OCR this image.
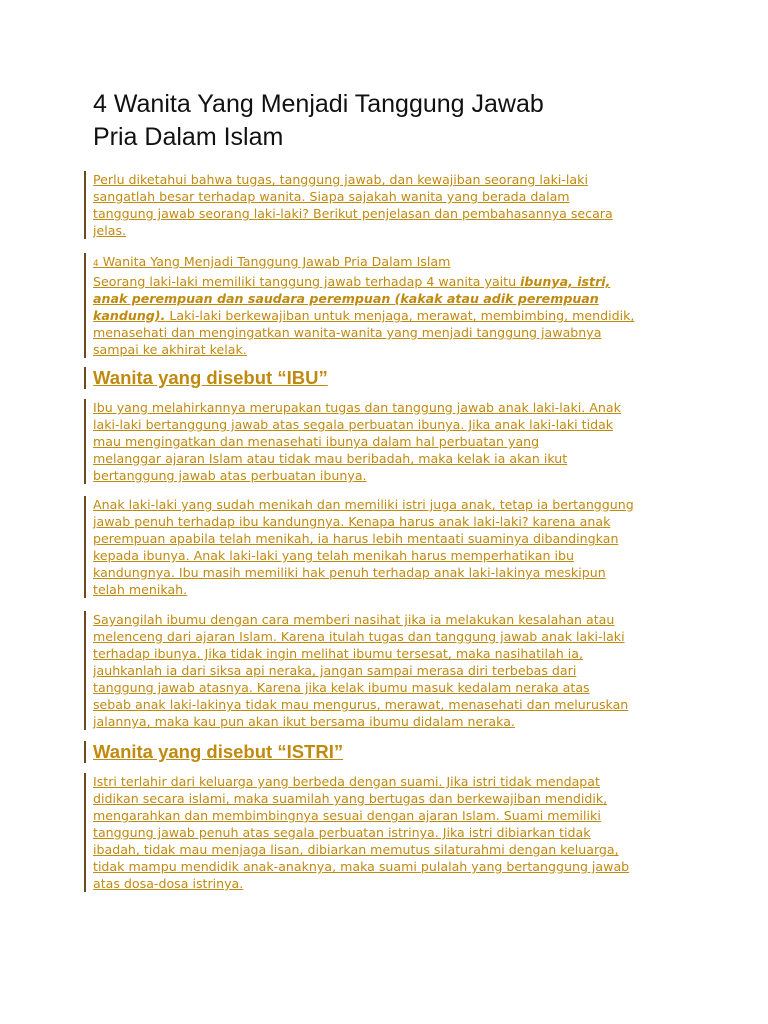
4 Wanita Yang Menjadi Tanggung Jawab
Pria Dalam Islam

Perlu diketahui bahwa tugas, tanggung jawab, dan kewajiban seorang laki-laki
sangatlah besar terhadap wanita. Siapa sajakah wanita yang berada dalam
tanggung jawab seorang laki-laki? Berikut penjelasan dan pembahasannya secara
jelas.

4 Wanita Yang Menjadi Tanggung Jawab Pria Dalam Islam
Seorang laki-laki memiliki tanggung jawab terhadap 4 wanita yaitu ibunya, istri,
anak perempuan dan saudara perempuan (kakak atau adik perempuan
kandung). Laki-laki berkewajiban untuk menjaga, merawat, membimbing, mendidik,
menasehati dan mengingatkan wanita-wanita yang menjadi tanggung jawabnya
sampai ke akhirat kelak.

Wanita yang disebut “IBU”

Ibu yang melahirkannya merupakan tugas dan tanggung jawab anak laki-laki. Anak
laki-laki bertanggung jawab atas segala perbuatan ibunya. Jika anak laki-laki tidak
mau mengingatkan dan menasehati ibunya dalam hal perbuatan yang
melanggar ajaran Islam atau tidak mau beribadah, maka kelak ia akan ikut
bertanggung jawab atas perbuatan ibunya.

Anak laki-laki yang sudah menikah dan memiliki istri juga anak, tetap ia bertanggung
jawab penuh terhadap ibu kandungnya. Kenapa harus anak laki-laki? karena anak
perempuan apabila telah menikah, ia harus lebih mentaati suaminya dibandingkan
kepada ibunya. Anak laki-laki yang telah menikah harus memperhatikan ibu
kandungnya. Ibu masih memiliki hak penuh terhadap anak laki-lakinya meskipun
telah menikah.

Sayangilah ibumu dengan cara memberi nasihat jika ia melakukan kesalahan atau
melenceng dari ajaran Islam. Karena itulah tugas dan tanggung jawab anak laki-laki
terhadap ibunya. Jika tidak ingin melihat ibumu tersesat, maka nasihatilah ia,
jauhkanlah ia dari siksa api neraka, jangan sampai merasa diri terbebas dari
tanggung jawab atasnya. Karena jika kelak ibumu masuk kedalam neraka atas
sebab anak laki-lakinya tidak mau mengurus, merawat, menasehati dan meluruskan
jalannya, maka kau pun akan ikut bersama ibumu didalam neraka.

Wanita yang disebut “ISTRI”

Istri terlahir dari keluarga yang berbeda dengan suami. Jika istri tidak mendapat
didikan secara islami, maka suamilah yang bertugas dan berkewajiban mendidik,
mengarahkan dan membimbingnya sesuai dengan ajaran Islam. Suami memiliki
tanggung jawab penuh atas segala perbuatan istrinya. Jika istri dibiarkan tidak
ibadah, tidak mau menjaga lisan, dibiarkan memutus silaturahmi dengan keluarga,
tidak mampu mendidik anak-anaknya, maka suami pulalah yang bertanggung jawab
atas dosa-dosa istrinya.
